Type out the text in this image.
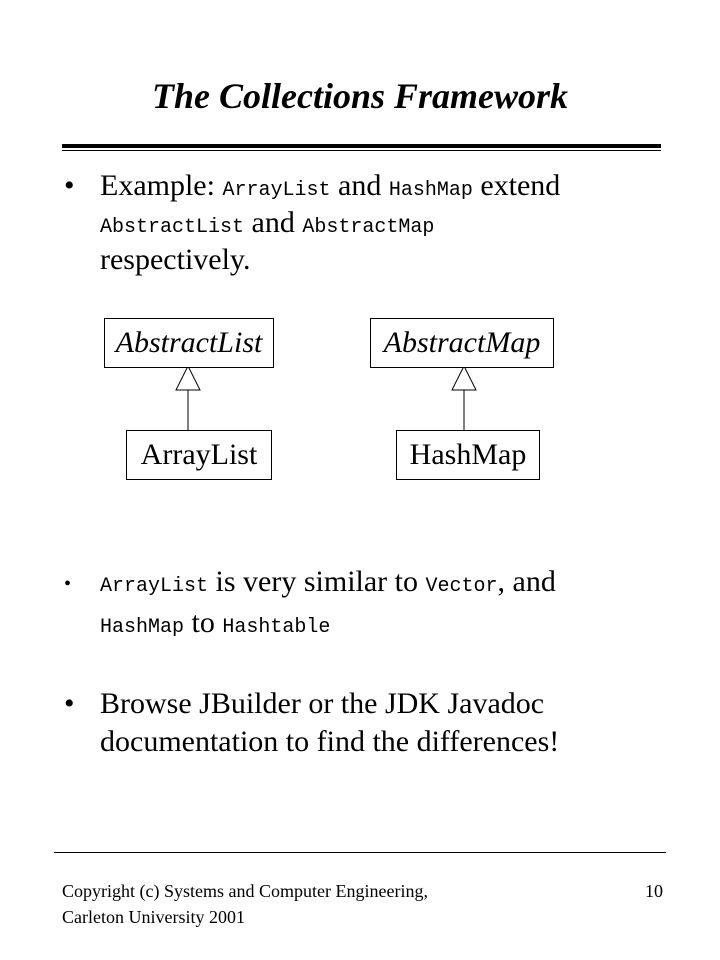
The Collections Framework
• Example: ArrayList and HashMap extend
AbstractList and AbstractMap
respectively.
AbstractList	AbstractMap
ArrayList	HashMap
• ArrayList is very similar to Vector, and
HashMap to Hashtable
• Browse JBuilder or the JDK Javadoc
documentation to find the differences!
Copyright (c) Systems and Computer Engineering,
Carleton University 2001
10
